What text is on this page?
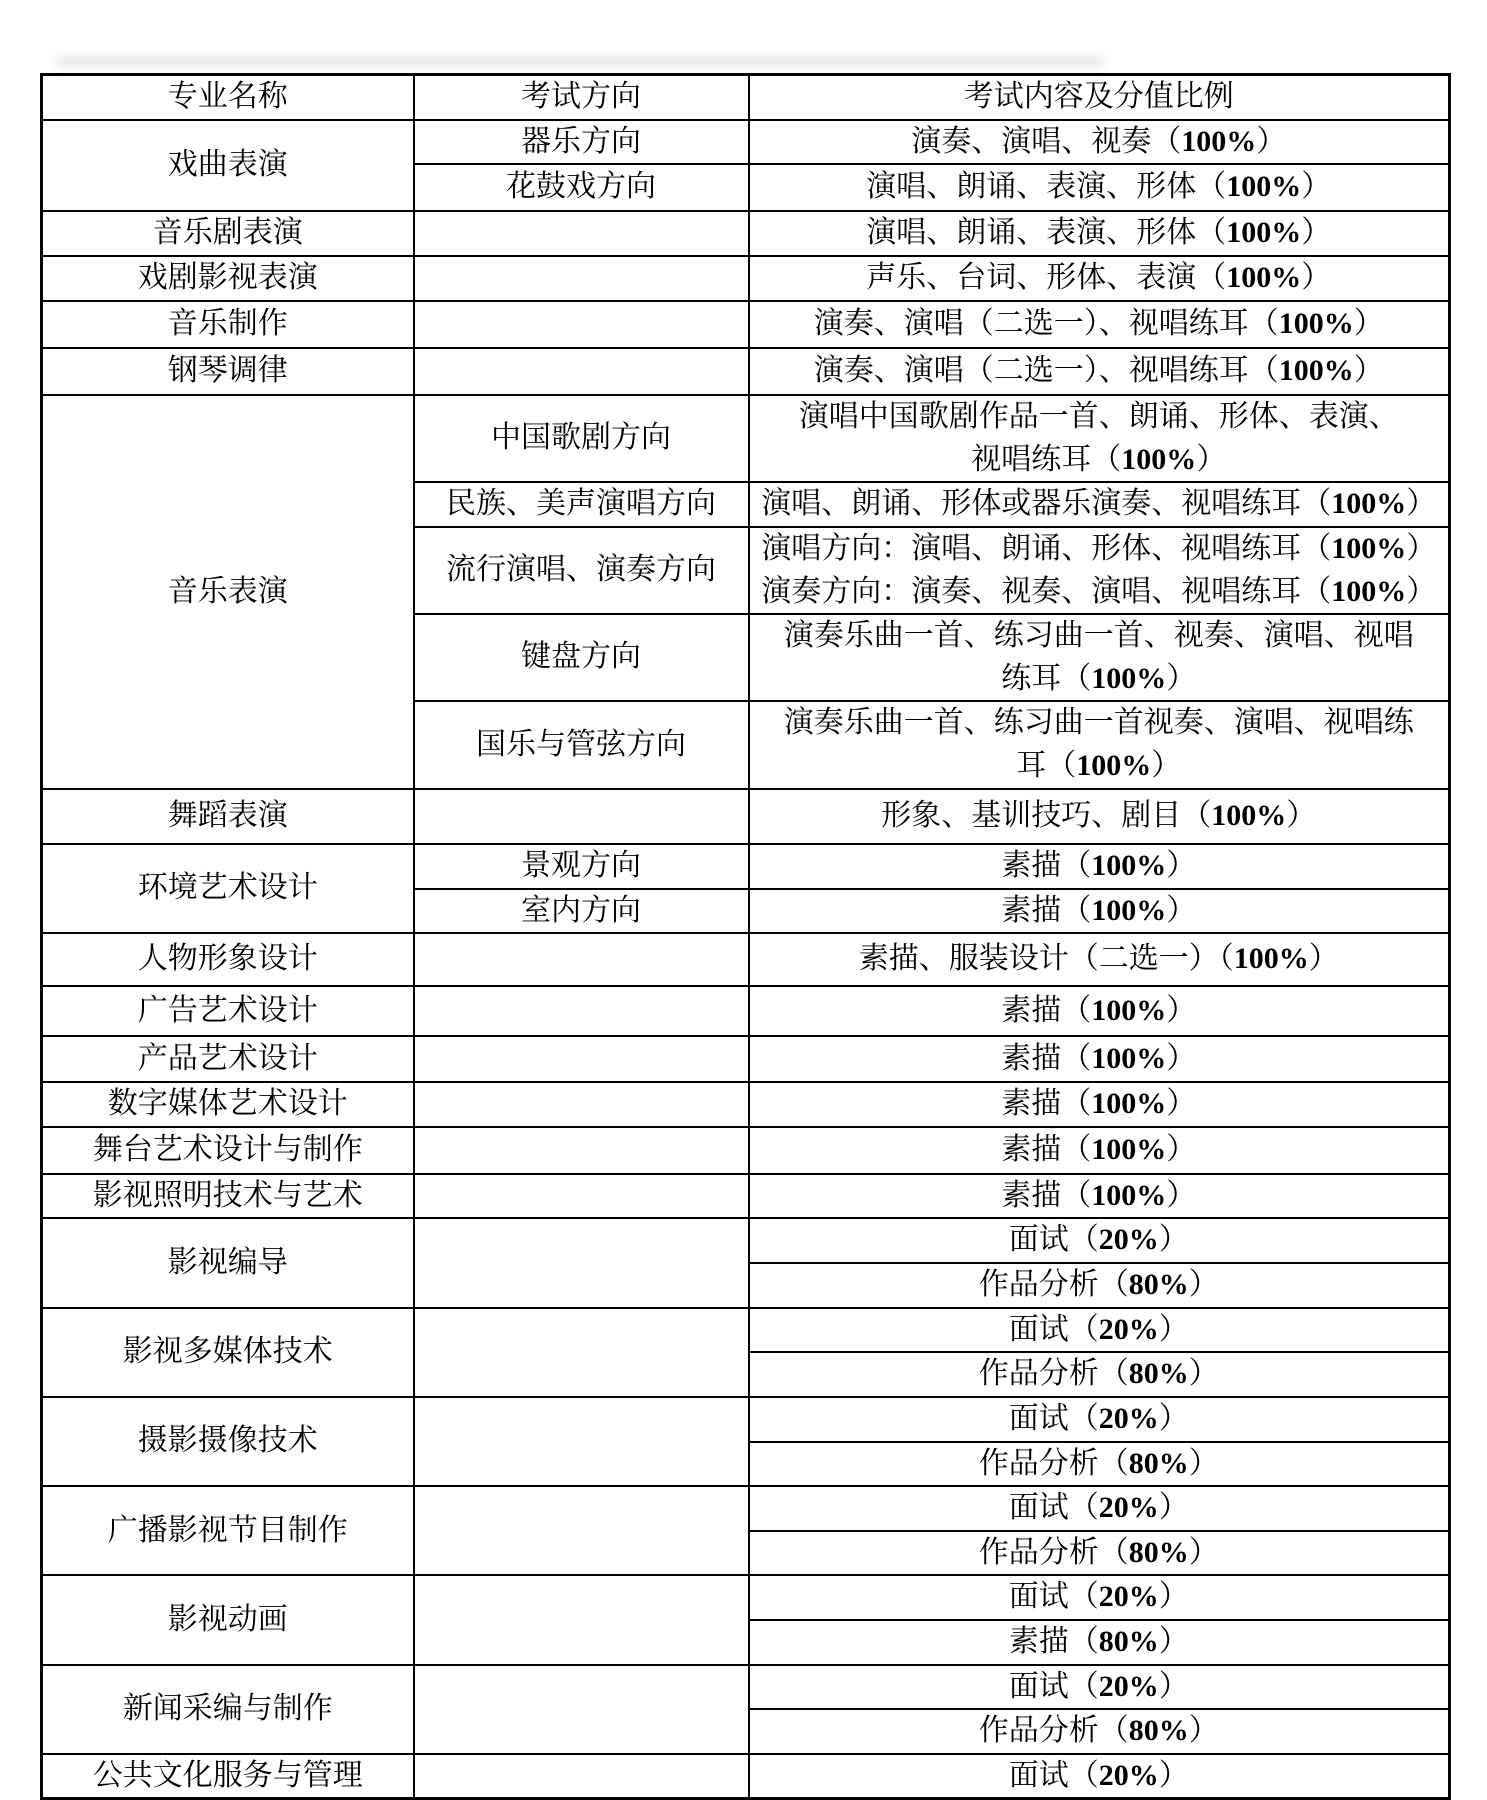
专业名称	考试方向	考试内容及分值比例
戏曲表演	器乐方向	演奏、演唱、视奏（100%）
	花鼓戏方向	演唱、朗诵、表演、形体（100%）
音乐剧表演		演唱、朗诵、表演、形体（100%）
戏剧影视表演		声乐、台词、形体、表演（100%）
音乐制作		演奏、演唱（二选一）、视唱练耳（100%）
钢琴调律		演奏、演唱（二选一）、视唱练耳（100%）
音乐表演	中国歌剧方向	演唱中国歌剧作品一首、朗诵、形体、表演、
视唱练耳（100%）
	民族、美声演唱方向	演唱、朗诵、形体或器乐演奏、视唱练耳（100%）
	流行演唱、演奏方向	演唱方向：演唱、朗诵、形体、视唱练耳（100%）
演奏方向：演奏、视奏、演唱、视唱练耳（100%）
	键盘方向	演奏乐曲一首、练习曲一首、视奏、演唱、视唱
练耳（100%）
	国乐与管弦方向	演奏乐曲一首、练习曲一首视奏、演唱、视唱练
耳（100%）
舞蹈表演		形象、基训技巧、剧目（100%）
环境艺术设计	景观方向	素描（100%）
	室内方向	素描（100%）
人物形象设计		素描、服装设计（二选一）（100%）
广告艺术设计		素描（100%）
产品艺术设计		素描（100%）
数字媒体艺术设计		素描（100%）
舞台艺术设计与制作		素描（100%）
影视照明技术与艺术		素描（100%）
影视编导		面试（20%）
		作品分析（80%）
影视多媒体技术		面试（20%）
		作品分析（80%）
摄影摄像技术		面试（20%）
		作品分析（80%）
广播影视节目制作		面试（20%）
		作品分析（80%）
影视动画		面试（20%）
		素描（80%）
新闻采编与制作		面试（20%）
		作品分析（80%）
公共文化服务与管理		面试（20%）
